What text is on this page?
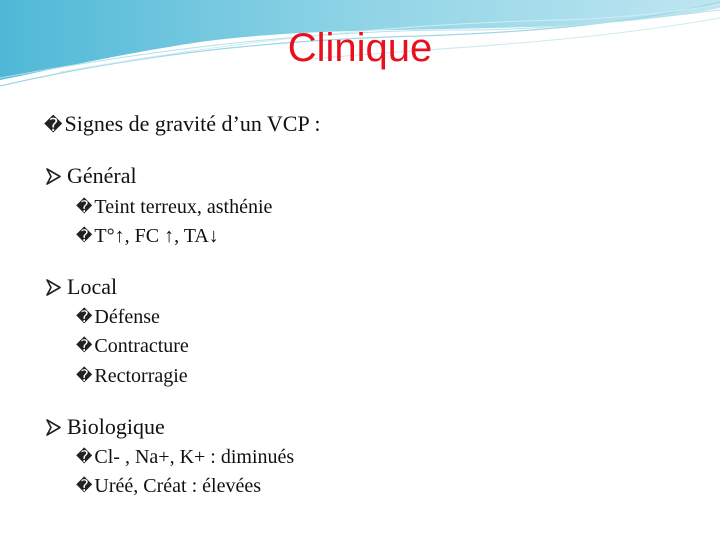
Clinique
�Signes de gravité d’un VCP :
Général
� Teint terreux, asthénie
� T°↑, FC ↑, TA↓
Local
� Défense
� Contracture
� Rectorragie
Biologique
� Cl- , Na+, K+ : diminués
� Uréé, Créat : élevées
